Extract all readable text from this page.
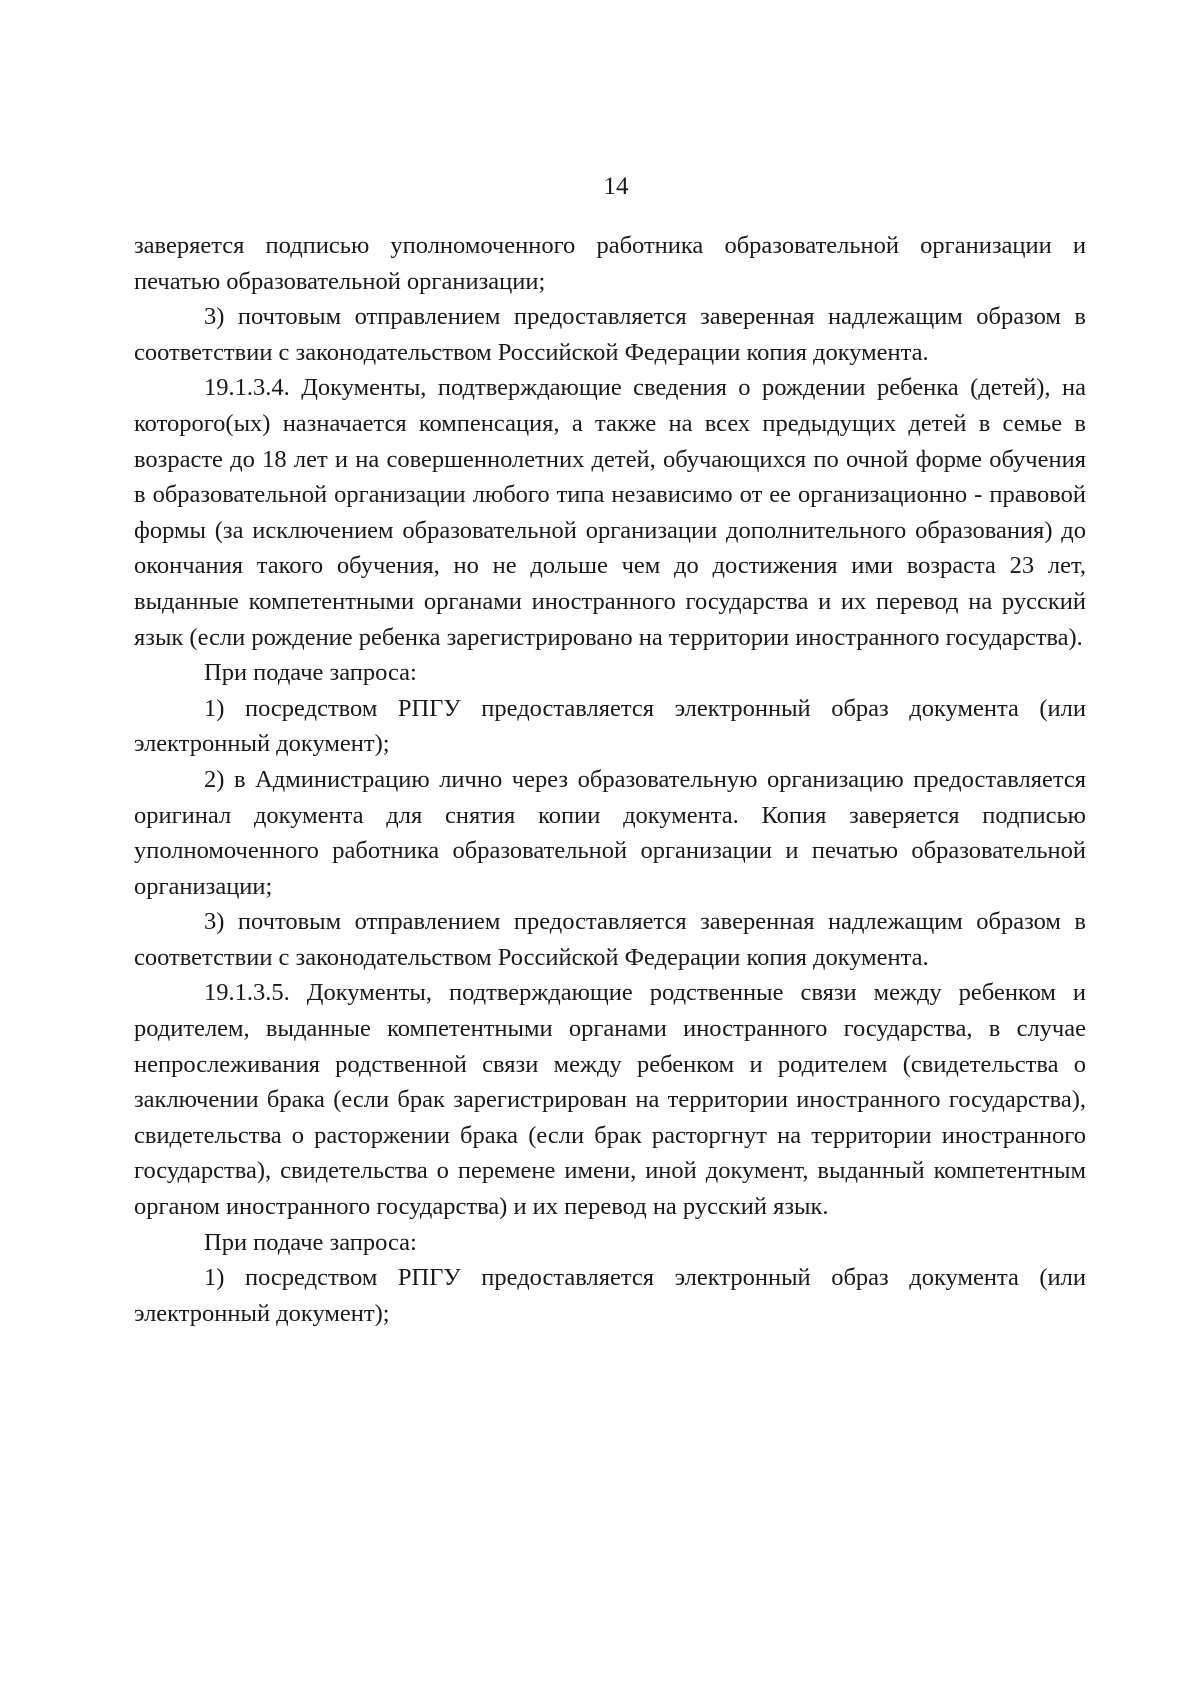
14

заверяется подписью уполномоченного работника образовательной организации и печатью образовательной организации;

3) почтовым отправлением предоставляется заверенная надлежащим образом в соответствии с законодательством Российской Федерации копия документа.

19.1.3.4. Документы, подтверждающие сведения о рождении ребенка (детей), на которого(ых) назначается компенсация, а также на всех предыдущих детей в семье в возрасте до 18 лет и на совершеннолетних детей, обучающихся по очной форме обучения в образовательной организации любого типа независимо от ее организационно - правовой формы (за исключением образовательной организации дополнительного образования) до окончания такого обучения, но не дольше чем до достижения ими возраста 23 лет, выданные компетентными органами иностранного государства и их перевод на русский язык (если рождение ребенка зарегистрировано на территории иностранного государства).

При подаче запроса:

1) посредством РПГУ предоставляется электронный образ документа (или электронный документ);

2) в Администрацию лично через образовательную организацию предоставляется оригинал документа для снятия копии документа. Копия заверяется подписью уполномоченного работника образовательной организации и печатью образовательной организации;

3) почтовым отправлением предоставляется заверенная надлежащим образом в соответствии с законодательством Российской Федерации копия документа.

19.1.3.5. Документы, подтверждающие родственные связи между ребенком и родителем, выданные компетентными органами иностранного государства, в случае непрослеживания родственной связи между ребенком и родителем (свидетельства о заключении брака (если брак зарегистрирован на территории иностранного государства), свидетельства о расторжении брака (если брак расторгнут на территории иностранного государства), свидетельства о перемене имени, иной документ, выданный компетентным органом иностранного государства) и их перевод на русский язык.

При подаче запроса:

1) посредством РПГУ предоставляется электронный образ документа (или электронный документ);
